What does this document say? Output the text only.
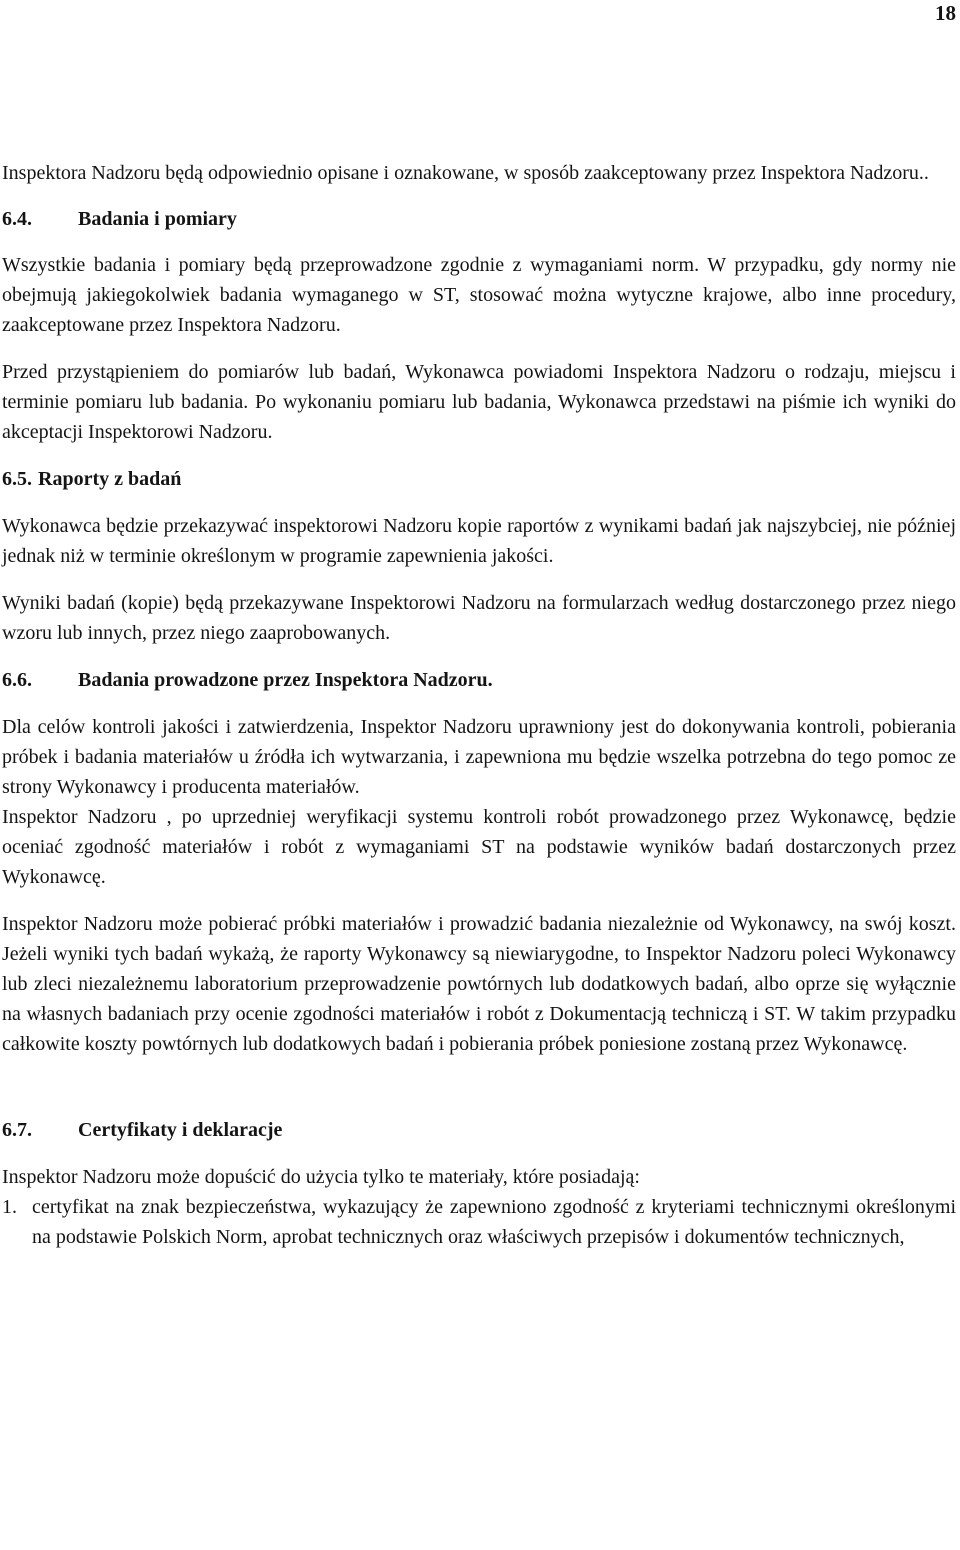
18

Inspektora Nadzoru będą odpowiednio opisane i oznakowane, w sposób zaakceptowany przez Inspektora Nadzoru..

6.4.	Badania i pomiary

Wszystkie badania i pomiary będą przeprowadzone zgodnie z wymaganiami norm. W przypadku, gdy normy nie obejmują jakiegokolwiek badania wymaganego w ST, stosować można wytyczne krajowe, albo inne procedury, zaakceptowane przez Inspektora Nadzoru.

Przed przystąpieniem do pomiarów lub badań, Wykonawca powiadomi Inspektora Nadzoru o rodzaju, miejscu i terminie pomiaru lub badania. Po wykonaniu pomiaru lub badania, Wykonawca przedstawi na piśmie ich wyniki do akceptacji Inspektorowi Nadzoru.

6.5. Raporty z badań

Wykonawca będzie przekazywać inspektorowi Nadzoru kopie raportów z wynikami badań jak najszybciej, nie później jednak niż w terminie określonym w programie zapewnienia jakości.

Wyniki badań (kopie) będą przekazywane Inspektorowi Nadzoru na formularzach według dostarczonego przez niego wzoru lub innych, przez niego zaaprobowanych.

6.6.	Badania prowadzone przez Inspektora Nadzoru.

Dla celów kontroli jakości i zatwierdzenia, Inspektor Nadzoru uprawniony jest do dokonywania kontroli, pobierania próbek i badania materiałów u źródła ich wytwarzania, i zapewniona mu będzie wszelka potrzebna do tego pomoc ze strony Wykonawcy i producenta materiałów.

Inspektor Nadzoru , po uprzedniej weryfikacji systemu kontroli robót prowadzonego przez Wykonawcę, będzie oceniać zgodność materiałów i robót z wymaganiami ST na podstawie wyników badań dostarczonych przez Wykonawcę.

Inspektor Nadzoru może pobierać próbki materiałów i prowadzić badania niezależnie od Wykonawcy, na swój koszt. Jeżeli wyniki tych badań wykażą, że raporty Wykonawcy są niewiarygodne, to Inspektor Nadzoru poleci Wykonawcy lub zleci niezależnemu laboratorium przeprowadzenie powtórnych lub dodatkowych badań, albo oprze się wyłącznie na własnych badaniach przy ocenie zgodności materiałów i robót z Dokumentacją techniczą i ST. W takim przypadku całkowite koszty powtórnych lub dodatkowych badań i pobierania próbek poniesione zostaną przez Wykonawcę.

6.7.	Certyfikaty i deklaracje

Inspektor Nadzoru może dopuścić do użycia tylko te materiały, które posiadają:

1. certyfikat na znak bezpieczeństwa, wykazujący że zapewniono zgodność z kryteriami technicznymi określonymi na podstawie Polskich Norm, aprobat technicznych oraz właściwych przepisów i dokumentów technicznych,
